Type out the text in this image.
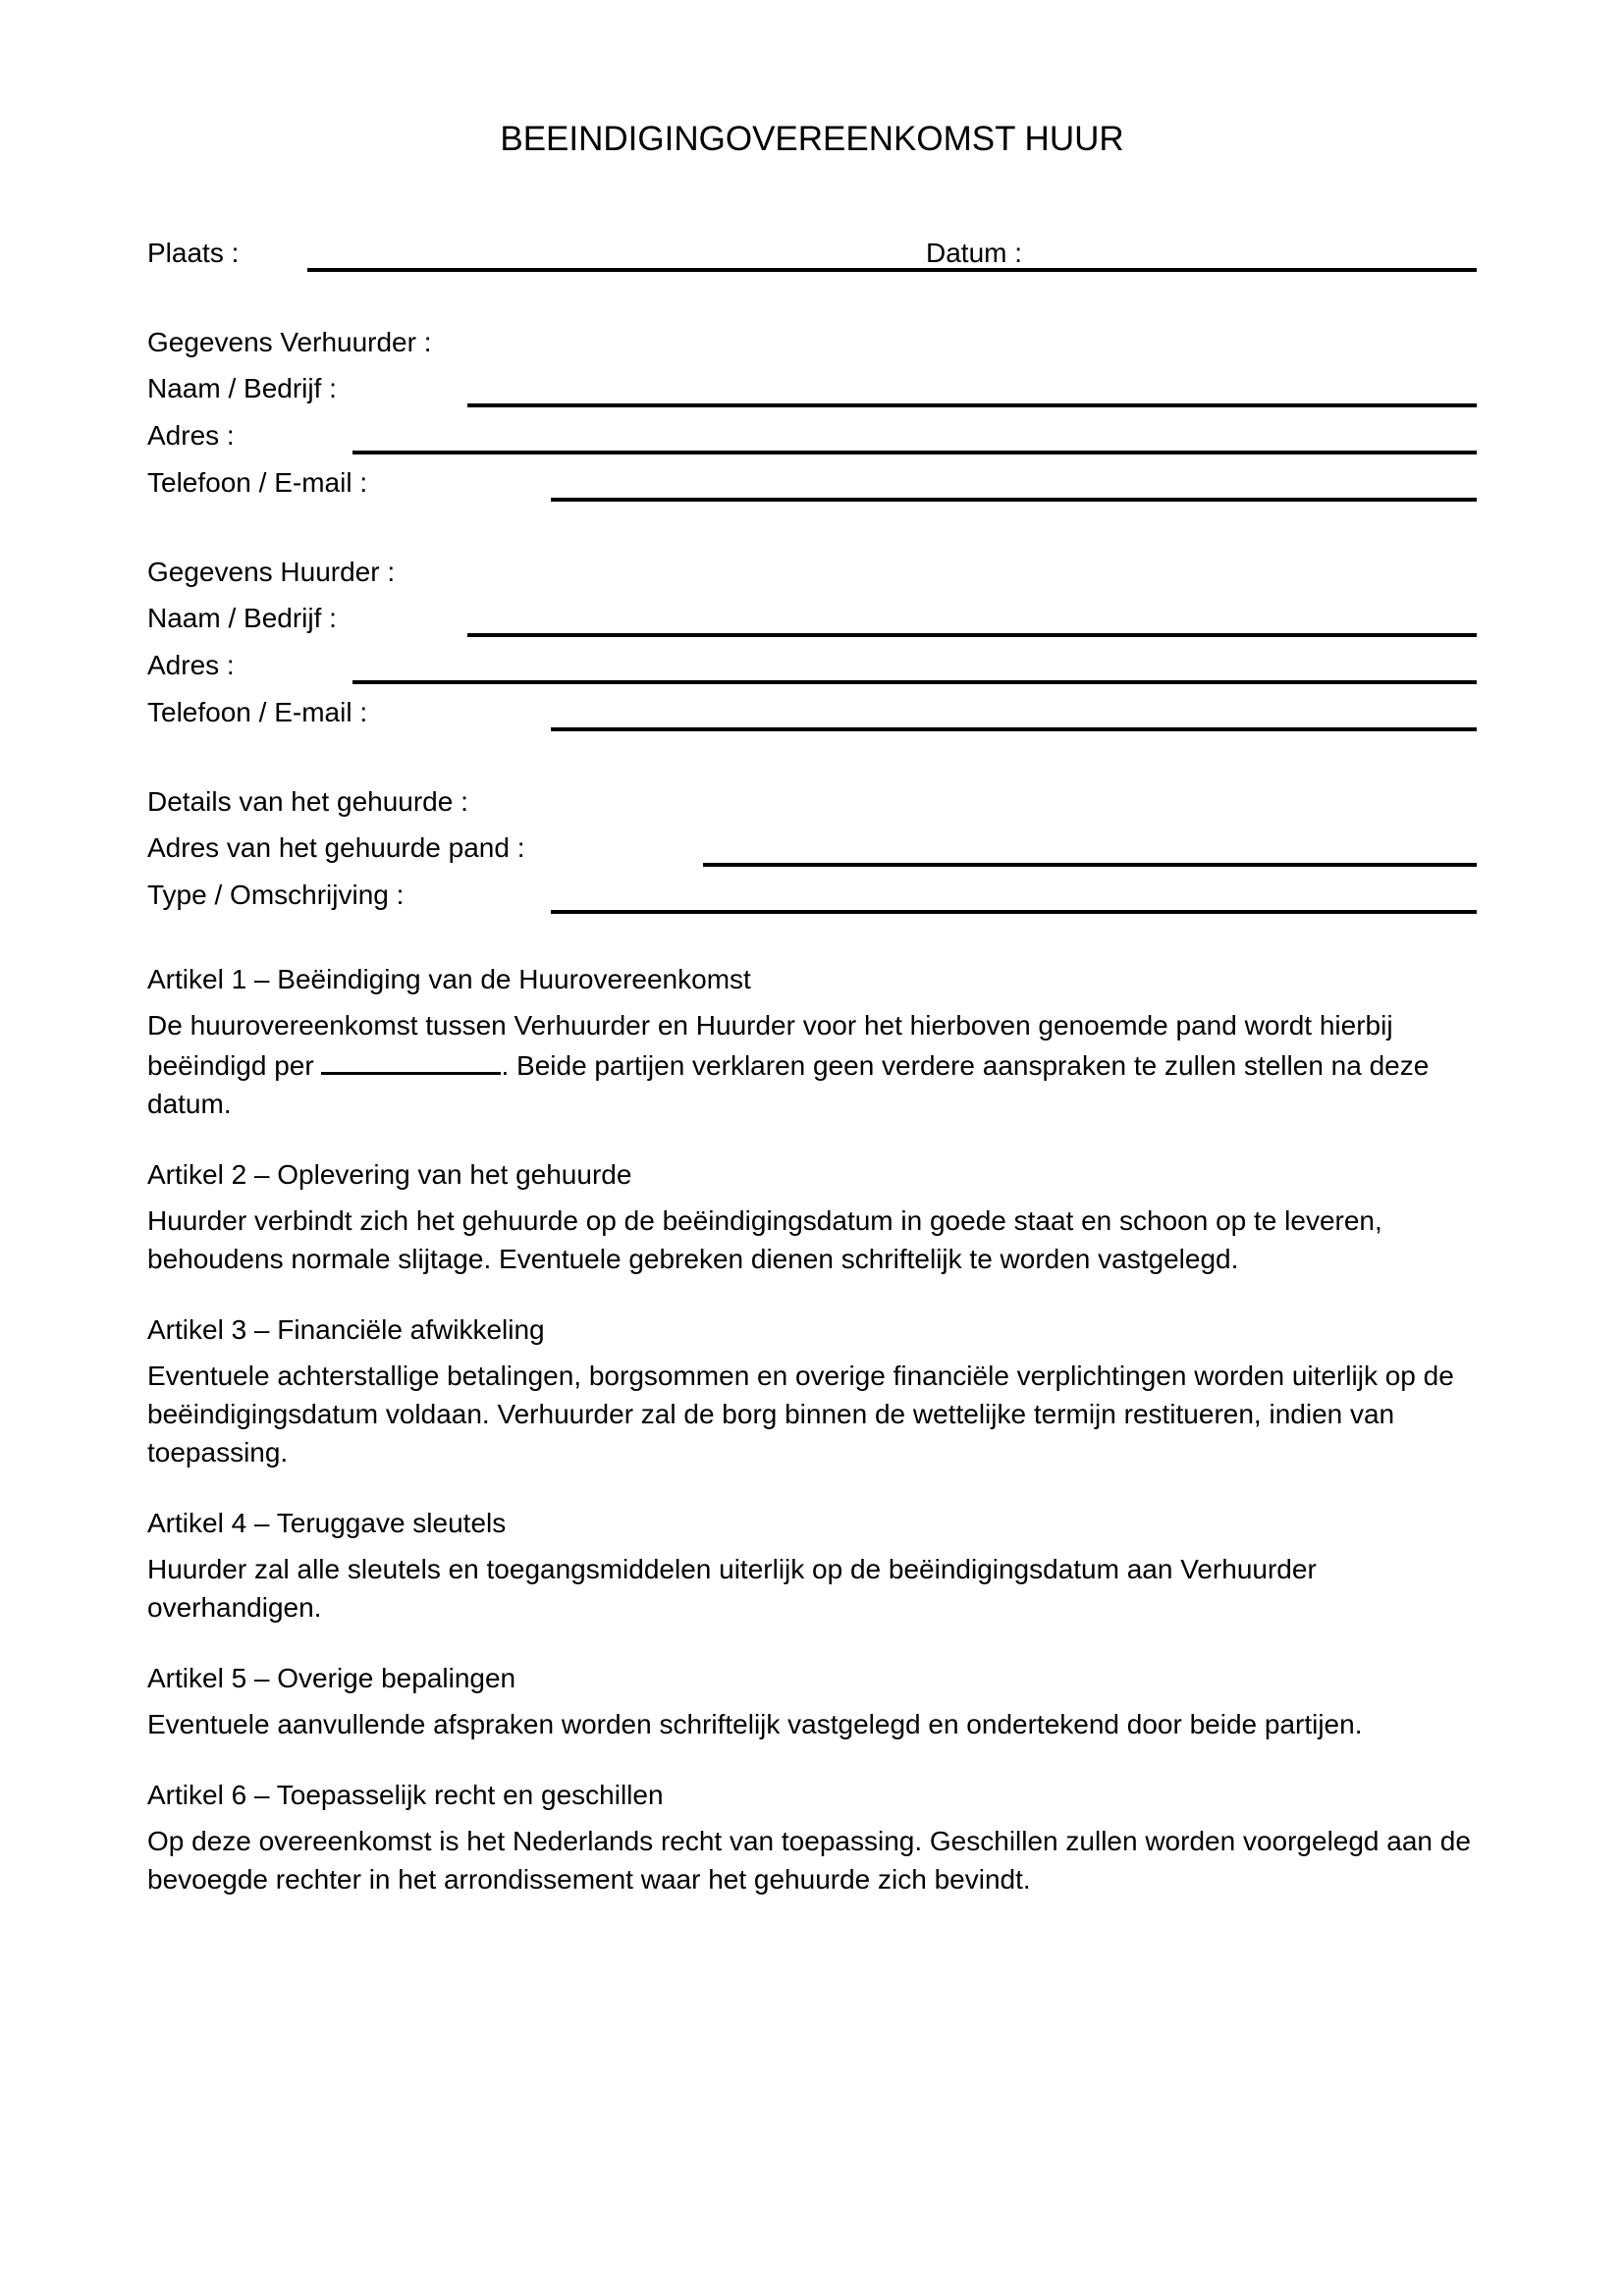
BEEINDIGINGOVEREENKOMST HUUR
Plaats :	Datum :
Gegevens Verhuurder :
Naam / Bedrijf :
Adres :
Telefoon / E-mail :
Gegevens Huurder :
Naam / Bedrijf :
Adres :
Telefoon / E-mail :
Details van het gehuurde :
Adres van het gehuurde pand :
Type / Omschrijving :
Artikel 1 – Beëindiging van de Huurovereenkomst

De huurovereenkomst tussen Verhuurder en Huurder voor het hierboven genoemde pand wordt hierbij beëindigd per	. Beide partijen verklaren geen verdere aanspraken te zullen stellen na deze datum.

Artikel 2 – Oplevering van het gehuurde

Huurder verbindt zich het gehuurde op de beëindigingsdatum in goede staat en schoon op te leveren, behoudens normale slijtage. Eventuele gebreken dienen schriftelijk te worden vastgelegd.

Artikel 3 – Financiële afwikkeling

Eventuele achterstallige betalingen, borgsommen en overige financiële verplichtingen worden uiterlijk op de beëindigingsdatum voldaan. Verhuurder zal de borg binnen de wettelijke termijn restitueren, indien van toepassing.

Artikel 4 – Teruggave sleutels

Huurder zal alle sleutels en toegangsmiddelen uiterlijk op de beëindigingsdatum aan Verhuurder overhandigen.

Artikel 5 – Overige bepalingen

Eventuele aanvullende afspraken worden schriftelijk vastgelegd en ondertekend door beide partijen.

Artikel 6 – Toepasselijk recht en geschillen

Op deze overeenkomst is het Nederlands recht van toepassing. Geschillen zullen worden voorgelegd aan de bevoegde rechter in het arrondissement waar het gehuurde zich bevindt.
